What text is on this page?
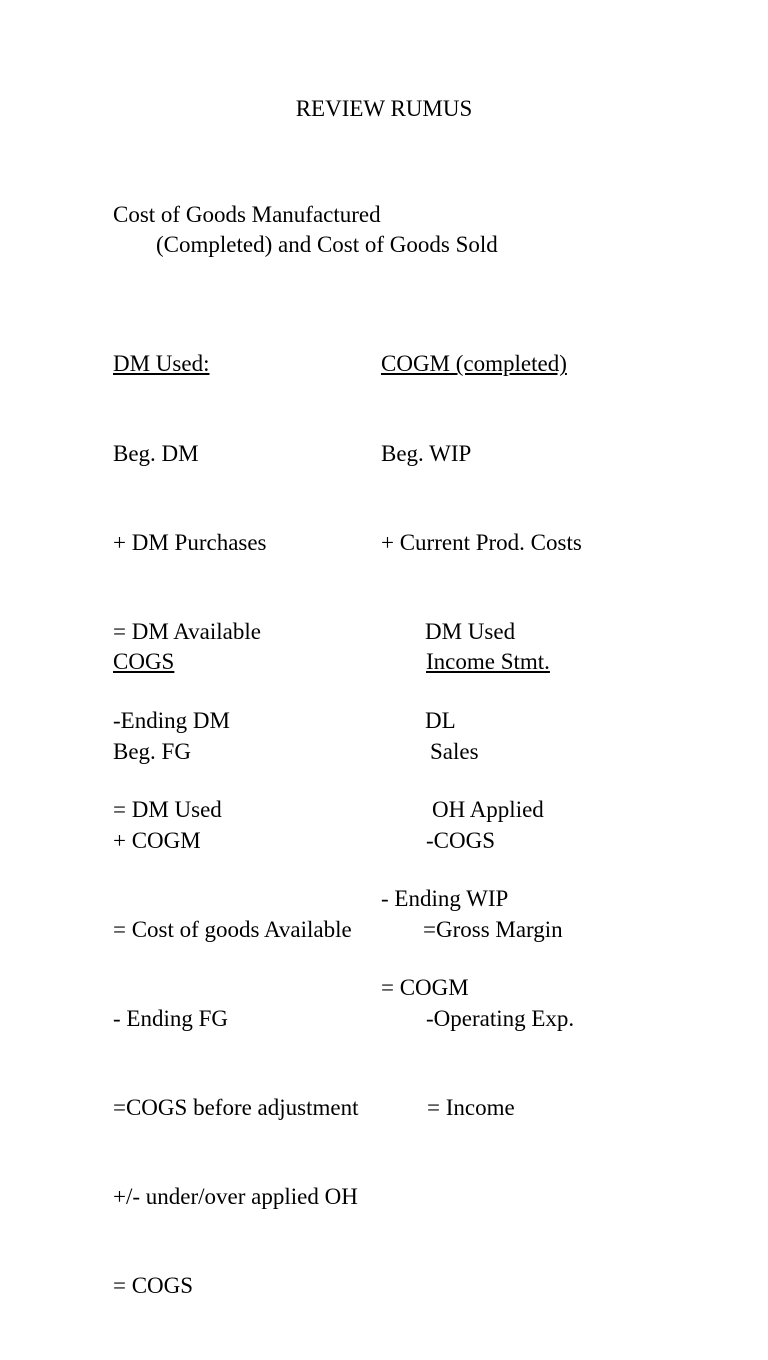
REVIEW RUMUS
Cost of Goods Manufactured
(Completed) and Cost of Goods Sold

DM Used:

Beg. DM

+ DM Purchases

= DM Available

-Ending DM

= DM Used

COGM (completed)

Beg. WIP

+ Current Prod. Costs

DM Used

DL

OH Applied

- Ending WIP

= COGM

COGS

Beg. FG

+ COGM

= Cost of goods Available

- Ending FG

=COGS before adjustment

+/- under/over applied OH

= COGS

Income Stmt.

Sales

-COGS

=Gross Margin

-Operating Exp.

= Income
